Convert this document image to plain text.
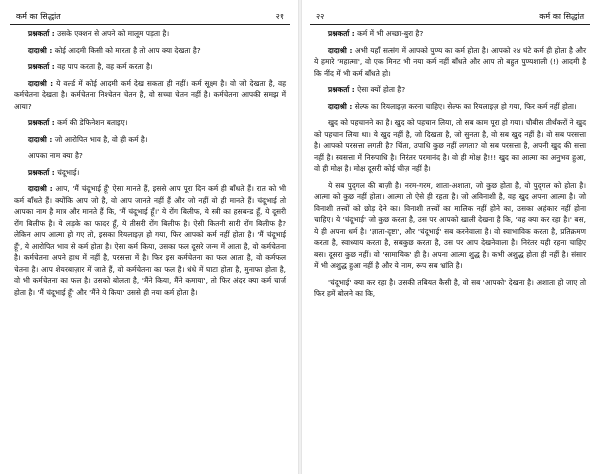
कर्म का सिद्धांत	२१

प्रश्नकर्ता : उसके एक्शन से अपने को मालूम पड़ता है।

दादाश्री : कोई आदमी किसी को मारता है तो आप क्या देखता है?

प्रश्नकर्ता : वह पाप करता है, वह कर्म करता है।

दादाश्री : ये वर्ल्ड में कोई आदमी कर्म देख सकता ही नहीं। कर्म सूक्ष्म है। वो जो देखता है, वह कर्मचेतना देखता है। कर्मचेतना निश्चेतन चेतन है, वो सच्चा चेतन नहीं है। कर्मचेतना आपकी समझ में आया?

प्रश्नकर्ता : कर्म की डेफिनेशन बताइए।

दादाश्री : जो आरोपित भाव है, वो ही कर्म है।

आपका नाम क्या है?

प्रश्नकर्ता : चंदूभाई।

दादाश्री : आप, 'मैं चंदूभाई हूँ' ऐसा मानते हैं, इससे आप पूरा दिन कर्म ही बाँधते हैं। रात को भी कर्म बाँधते हैं। क्योंकि आप जो है, वो आप जानते नहीं हैं और जो नहीं वो ही मानते हैं। चंदूभाई तो आपका नाम है मात्र और मानते हैं कि, 'मैं चंदूभाई हूँ।' ये रोंग बिलीफ, ये स्त्री का हसबन्ड हूँ, ये दूसरी रोंग बिलीफ है। ये लड़के का फादर हूँ, ये तीसरी रोंग बिलीफ है। ऐसी कितनी सारी रोंग बिलीफ है? लेकिन आप आत्मा हो गए तो, इसका रियलाइज़ हो गया, फिर आपको कर्म नहीं होता है। 'मैं चंदूभाई हूँ', ये आरोपित भाव से कर्म होता है। ऐसा कर्म किया, उसका फल दूसरे जन्म में आता है, वो कर्मचेतना है। कर्मचेतना अपने हाथ में नहीं है, परसत्ता में है। फिर इस कर्मचेतना का फल आता है, वो कर्मफल चेतना है। आप शेयरबाज़ार में जाते हैं, वो कर्मचेतना का फल है। धंधे में घाटा होता है, मुनाफा होता है, वो भी कर्मचेतना का फल है। उसको बोलता है, 'मैंने किया, मैंने कमाया', तो फिर अंदर क्या कर्म चार्ज होता है। 'मैं चंदूभाई हूँ' और 'मैंने ये किया' उससे ही नया कर्म होता है।

२२	कर्म का सिद्धांत

प्रश्नकर्ता : कर्म में भी अच्छा-बुरा है?

दादाश्री : अभी यहाँ सत्संग में आपको पुण्य का कर्म होता है। आपको २४ घंटे कर्म ही होता है और ये हमारे 'महात्मा', वो एक मिनट भी नया कर्म नहीं बाँधते और आप तो बहुत पुण्यशाली (!) आदमी है कि नींद में भी कर्म बाँधते हो।

प्रश्नकर्ता : ऐसा क्यों होता है?

दादाश्री : सेल्फ का रियलाइज़ करना चाहिए। सेल्फ का रियलाइज़ हो गया, फिर कर्म नहीं होता।

खुद को पहचानने का है। खुद को पहचान लिया, तो सब काम पूरा हो गया। चौबीस तीर्थंकरों ने खुद को पहचान लिया था। ये खुद नहीं है, जो दिखता है, जो सुनता है, वो सब खुद नहीं है। वो सब परसत्ता है। आपको परसत्ता लगती है? चिंता, उपाधि कुछ नहीं लगता? वो सब परसत्ता है, अपनी खुद की सत्ता नहीं है। स्वसत्ता में निरुपाधि है। निरंतर परमानंद है। वो ही मोक्ष है!!! खुद का आत्मा का अनुभव हुआ, वो ही मोक्ष है। मोक्ष दूसरी कोई चीज़ नहीं है।

ये सब पुद्‌गल की बाज़ी है। नरम-गरम, शाता-अशाता, जो कुछ होता है, वो पुद्‌गल को होता है। आत्मा को कुछ नहीं होता। आत्मा तो ऐसे ही रहता है। जो अविनाशी है, वह खुद अपना आत्मा है। जो विनाशी तत्त्वों को छोड़ देने का। विनाशी तत्त्वों का मालिक नहीं होने का, उसका अहंकार नहीं होना चाहिए। ये 'चंदूभाई' जो कुछ करता है, उस पर आपको खाली देखना है कि, 'वह क्या कर रहा है।' बस, ये ही अपना धर्म है। 'ज्ञाता-दृष्टा', और 'चंदूभाई' सब करनेवाला है। वो स्वाभाविक करता है, प्रतिक्रमण करता है, स्वाध्याय करता है, सबकुछ करता है, उस पर आप देखनेवाला है। निरंतर यही रहना चाहिए बस। दूसरा कुछ नहीं। वो 'सामायिक' ही है। अपना आत्मा शुद्ध है। कभी अशुद्ध होता ही नहीं है। संसार में भी अशुद्ध हुआ नहीं है और ये नाम, रूप सब भ्रांति है।

'चंदूभाई' क्या कर रहा है। उसकी तबियत कैसी है, वो सब 'आपको' देखना है। अशाता हो जाए तो फिर हमें बोलने का कि,
